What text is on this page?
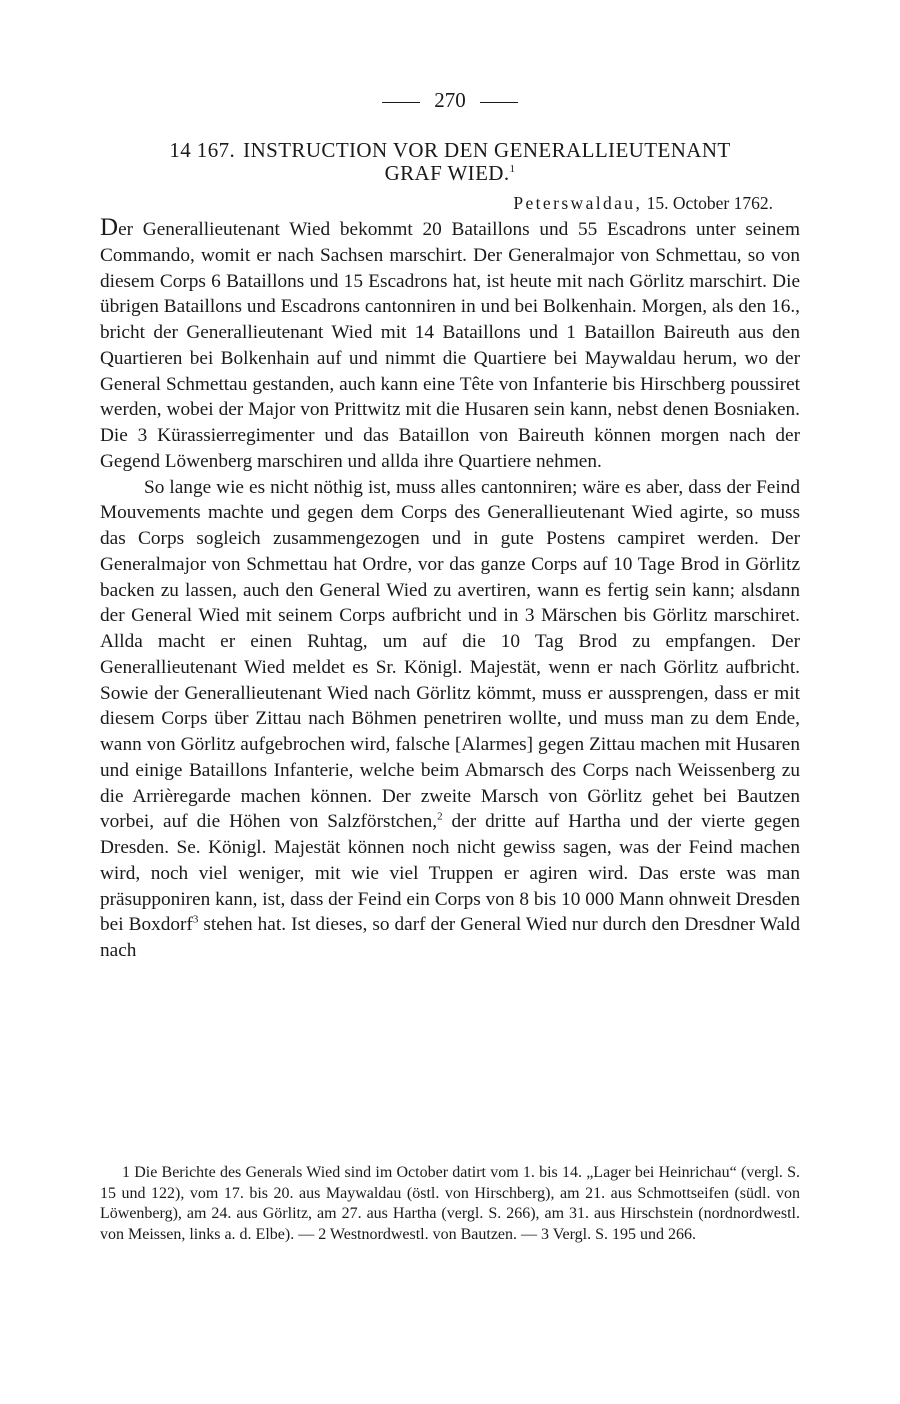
270
14 167. INSTRUCTION VOR DEN GENERALLIEUTENANT
GRAF WIED.$^1$
Peterswaldau, 15. October 1762.

Der Generallieutenant Wied bekommt 20 Bataillons und 55 Escadrons unter seinem Commando, womit er nach Sachsen marschirt. Der Generalmajor von Schmettau, so von diesem Corps 6 Bataillons und 15 Escadrons hat, ist heute mit nach Görlitz marschirt. Die übrigen Bataillons und Escadrons cantonniren in und bei Bolkenhain. Morgen, als den 16., bricht der Generallieutenant Wied mit 14 Bataillons und 1 Bataillon Baireuth aus den Quartieren bei Bolkenhain auf und nimmt die Quartiere bei Maywaldau herum, wo der General Schmettau gestanden, auch kann eine Tête von Infanterie bis Hirschberg poussiret werden, wobei der Major von Prittwitz mit die Husaren sein kann, nebst denen Bosniaken. Die 3 Kürassierregimenter und das Bataillon von Baireuth können morgen nach der Gegend Löwenberg marschiren und allda ihre Quartiere nehmen.

So lange wie es nicht nöthig ist, muss alles cantonniren; wäre es aber, dass der Feind Mouvements machte und gegen dem Corps des Generallieutenant Wied agirte, so muss das Corps sogleich zusammengezogen und in gute Postens campiret werden. Der Generalmajor von Schmettau hat Ordre, vor das ganze Corps auf 10 Tage Brod in Görlitz backen zu lassen, auch den General Wied zu avertiren, wann es fertig sein kann; alsdann der General Wied mit seinem Corps aufbricht und in 3 Märschen bis Görlitz marschiret. Allda macht er einen Ruhtag, um auf die 10 Tag Brod zu empfangen. Der Generallieutenant Wied meldet es Sr. Königl. Majestät, wenn er nach Görlitz aufbricht. Sowie der Generallieutenant Wied nach Görlitz kömmt, muss er aussprengen, dass er mit diesem Corps über Zittau nach Böhmen penetriren wollte, und muss man zu dem Ende, wann von Görlitz aufgebrochen wird, falsche [Alarmes] gegen Zittau machen mit Husaren und einige Bataillons Infanterie, welche beim Abmarsch des Corps nach Weissenberg zu die Arrièregarde machen können. Der zweite Marsch von Görlitz gehet bei Bautzen vorbei, auf die Höhen von Salzförstchen,$^2$ der dritte auf Hartha und der vierte gegen Dresden. Se. Königl. Majestät können noch nicht gewiss sagen, was der Feind machen wird, noch viel weniger, mit wie viel Truppen er agiren wird. Das erste was man präsupponiren kann, ist, dass der Feind ein Corps von 8 bis 10 000 Mann ohnweit Dresden bei Boxdorf$^3$ stehen hat. Ist dieses, so darf der General Wied nur durch den Dresdner Wald nach

1 Die Berichte des Generals Wied sind im October datirt vom 1. bis 14. „Lager bei Heinrichau“ (vergl. S. 15 und 122), vom 17. bis 20. aus Maywaldau (östl. von Hirschberg), am 21. aus Schmottseifen (südl. von Löwenberg), am 24. aus Görlitz, am 27. aus Hartha (vergl. S. 266), am 31. aus Hirschstein (nordnordwestl. von Meissen, links a. d. Elbe). — 2 Westnordwestl. von Bautzen. — 3 Vergl. S. 195 und 266.
